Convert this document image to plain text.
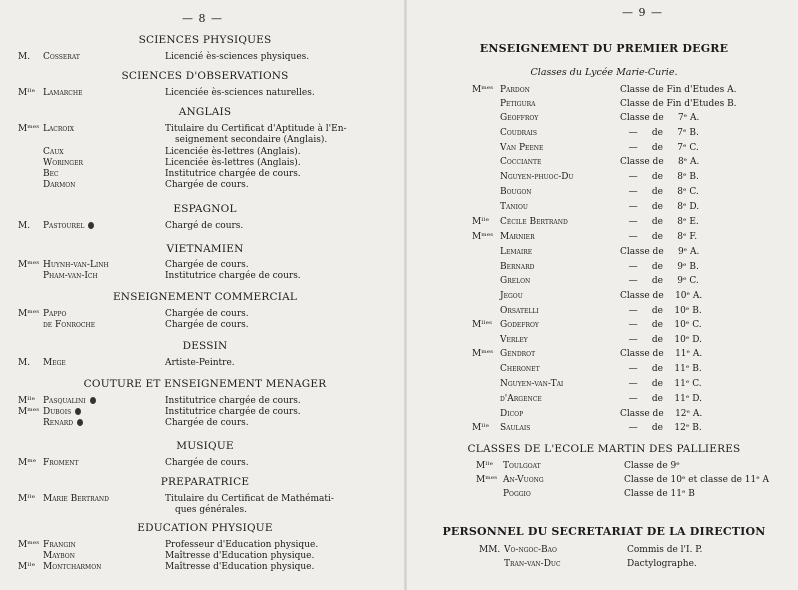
— 8 —
SCIENCES PHYSIQUES
M. Cosserat	Licencié ès-sciences physiques.
SCIENCES D'OBSERVATIONS
Mˡˡᵉ Lamarche	Licenciée ès-sciences naturelles.
ANGLAIS
Mᵐᵉˢ Lacroix	Titulaire du Certificat d'Aptitude à l'En-
seignement secondaire (Anglais).
Caux	Licenciée ès-lettres (Anglais).
Woringer	Licenciée ès-lettres (Anglais).
Bec	Institutrice chargée de cours.
Darmon	Chargée de cours.
ESPAGNOL
M. Pastourel	Chargé de cours.
VIETNAMIEN
Mᵐᵉˢ Huynh-van-Linh	Chargée de cours.
Pham-van-Ich	Institutrice chargée de cours.
ENSEIGNEMENT COMMERCIAL
Mᵐᵉˢ Pappo	Chargée de cours.
de Fonroche	Chargée de cours.
DESSIN
M. Mege	Artiste-Peintre.
COUTURE ET ENSEIGNEMENT MENAGER
Mˡˡᵉ Pasqualini	Institutrice chargée de cours.
Mᵐᵉˢ Dubois	Institutrice chargée de cours.
Renard	Chargée de cours.
MUSIQUE
Mᵐᵉ Froment	Chargée de cours.
PREPARATRICE
Mˡˡᵉ Marie Bertrand	Titulaire du Certificat de Mathémati-
ques générales.
EDUCATION PHYSIQUE
Mᵐᵉˢ Frangin	Professeur d'Education physique.
Maybon	Maîtresse d'Education physique.
Mˡˡᵉ Montcharmon	Maîtresse d'Education physique.
— 9 —
ENSEIGNEMENT DU PREMIER DEGRE
Classes du Lycée Marie-Curie.
Mᵐᵉˢ Pardon	Classe de Fin d'Etudes A.
Petigura	Classe de Fin d'Etudes B.
Geoffroy	Classe de     7ᵉ A.
Coudrais	—     de     7ᵉ B.
Van Peene	—     de     7ᵉ C.
Cocciante	Classe de     8ᵉ A.
Nguyen-phuoc-Du	—     de     8ᵉ B.
Bougon	—     de     8ᵉ C.
Taniou	—     de     8ᵉ D.
Mˡˡᵉ Cécile Bertrand	—     de     8ᵉ E.
Mᵐᵉˢ Marnier	—     de     8ᵉ F.
Lemaire	Classe de     9ᵉ A.
Bernard	—     de     9ᵉ B.
Grelon	—     de     9ᵉ C.
Jegou	Classe de    10ᵉ A.
Orsatelli	—     de    10ᵉ B.
Mˡˡᵉˢ Godefroy	—     de    10ᵉ C.
Verley	—     de    10ᵉ D.
Mᵐᵉˢ Gendrot	Classe de    11ᵉ A.
Cheronet	—     de    11ᵉ B.
Nguyen-van-Tai	—     de    11ᵉ C.
d'Argence	—     de    11ᵉ D.
Dicop	Classe de    12ᵉ A.
Mˡˡᵉ Saulais	—     de    12ᵉ B.
CLASSES DE L'ECOLE MARTIN DES PALLIERES
Mˡˡᵉ Toulgoat	Classe de 9ᵉ
Mᵐᵉˢ An-Vuong	Classe de 10ᵉ et classe de 11ᵉ A
Poggio	Classe de 11ᵉ B
PERSONNEL DU SECRETARIAT DE LA DIRECTION
MM. Vo-ngoc-Bao	Commis de l'I. P.
Tran-van-Duc	Dactylographe.
